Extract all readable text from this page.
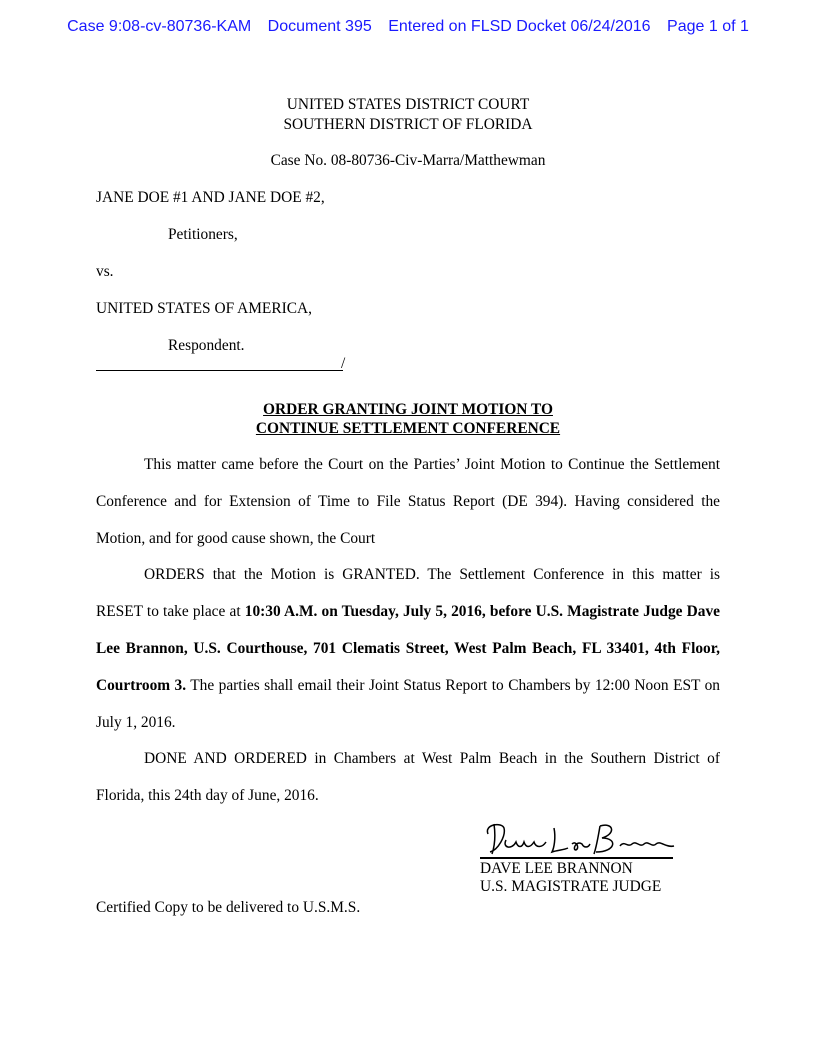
Case 9:08-cv-80736-KAM Document 395 Entered on FLSD Docket 06/24/2016 Page 1 of 1
UNITED STATES DISTRICT COURT
SOUTHERN DISTRICT OF FLORIDA
Case No. 08-80736-Civ-Marra/Matthewman
JANE DOE #1 AND JANE DOE #2,
Petitioners,
vs.
UNITED STATES OF AMERICA,
Respondent.
/
ORDER GRANTING JOINT MOTION TO
CONTINUE SETTLEMENT CONFERENCE

This matter came before the Court on the Parties’ Joint Motion to Continue the Settlement Conference and for Extension of Time to File Status Report (DE 394). Having considered the Motion, and for good cause shown, the Court

ORDERS that the Motion is GRANTED. The Settlement Conference in this matter is RESET to take place at 10:30 A.M. on Tuesday, July 5, 2016, before U.S. Magistrate Judge Dave Lee Brannon, U.S. Courthouse, 701 Clematis Street, West Palm Beach, FL 33401, 4th Floor, Courtroom 3. The parties shall email their Joint Status Report to Chambers by 12:00 Noon EST on July 1, 2016.

DONE AND ORDERED in Chambers at West Palm Beach in the Southern District of Florida, this 24th day of June, 2016.

DAVE LEE BRANNON
U.S. MAGISTRATE JUDGE
Certified Copy to be delivered to U.S.M.S.
